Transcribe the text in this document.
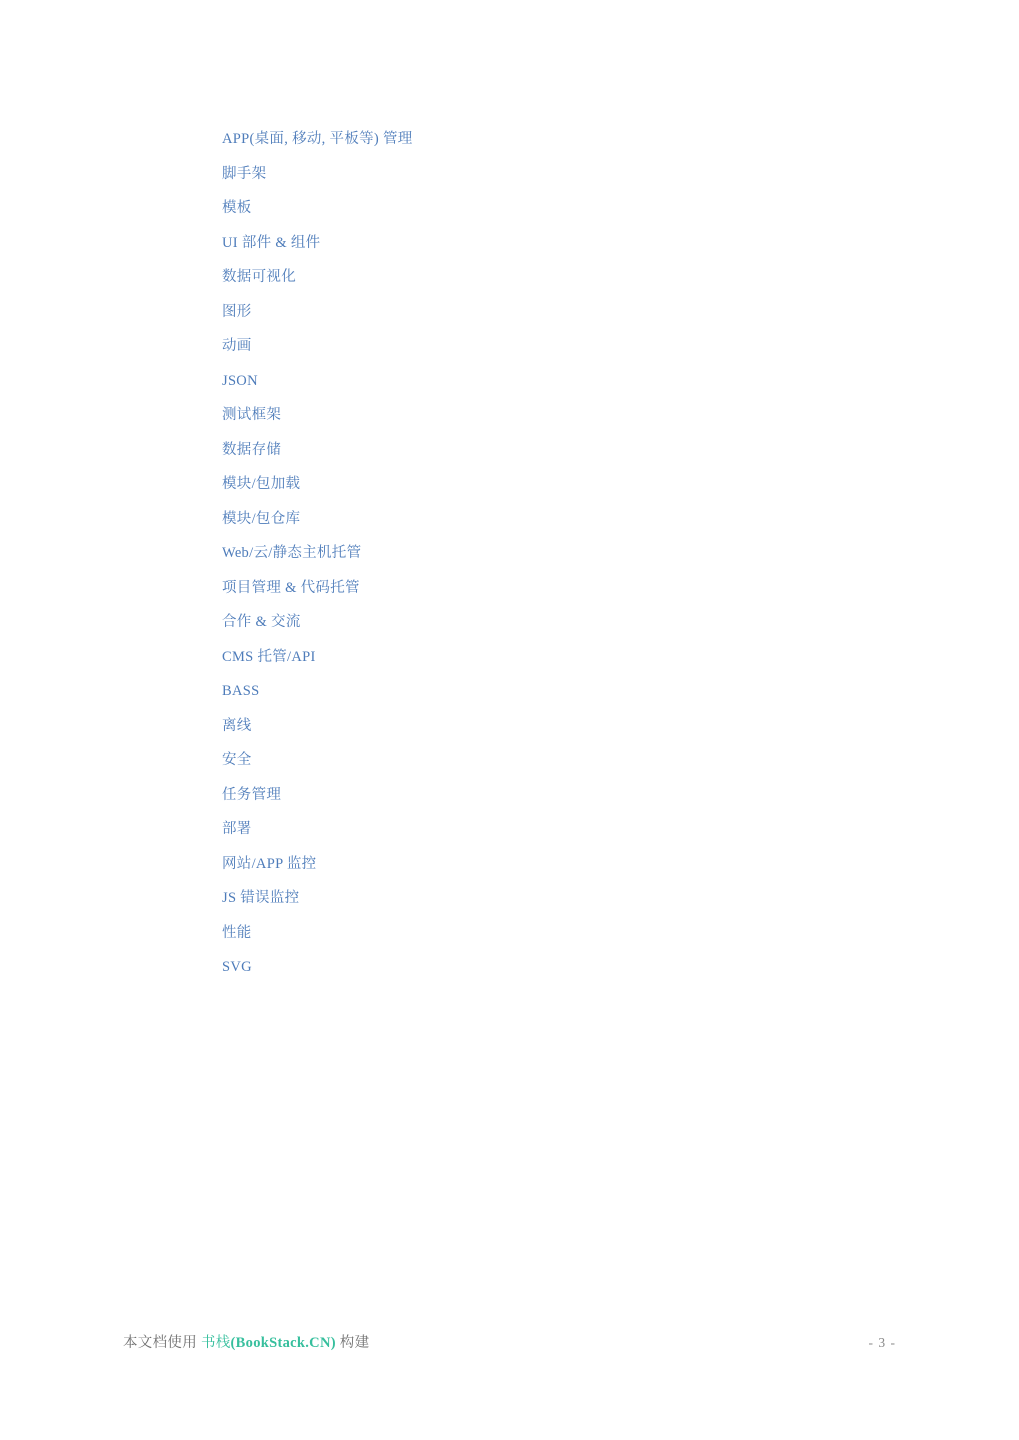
APP(桌面, 移动, 平板等) 管理
脚手架
模板
UI 部件 & 组件
数据可视化
图形
动画
JSON
测试框架
数据存储
模块/包加载
模块/包仓库
Web/云/静态主机托管
项目管理 & 代码托管
合作 & 交流
CMS 托管/API
BASS
离线
安全
任务管理
部署
网站/APP 监控
JS 错误监控
性能
SVG
本文档使用 书栈(BookStack.CN) 构建	- 3 -
